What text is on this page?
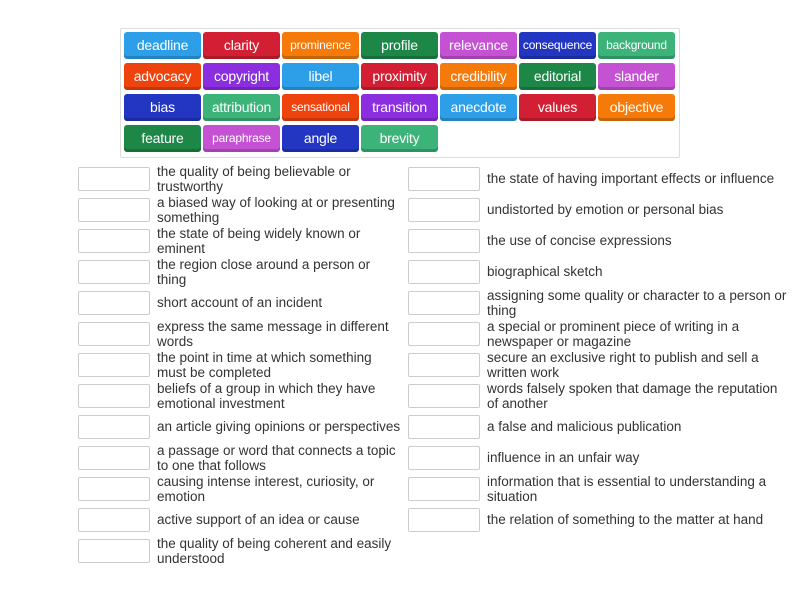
deadline	clarity	prominence	profile	relevance	consequence	background
advocacy	copyright	libel	proximity	credibility	editorial	slander
bias	attribution	sensational	transition	anecdote	values	objective
feature	paraphrase	angle	brevity
the quality of being believable or trustworthy
a biased way of looking at or presenting something
the state of being widely known or eminent
the region close around a person or thing
short account of an incident
express the same message in different words
the point in time at which something must be completed
beliefs of a group in which they have emotional investment
an article giving opinions or perspectives
a passage or word that connects a topic to one that follows
causing intense interest, curiosity, or emotion
active support of an idea or cause
the quality of being coherent and easily understood
the state of having important effects or influence
undistorted by emotion or personal bias
the use of concise expressions
biographical sketch
assigning some quality or character to a person or thing
a special or prominent piece of writing in a newspaper or magazine
secure an exclusive right to publish and sell a written work
words falsely spoken that damage the reputation of another
a false and malicious publication
influence in an unfair way
information that is essential to understanding a situation
the relation of something to the matter at hand
